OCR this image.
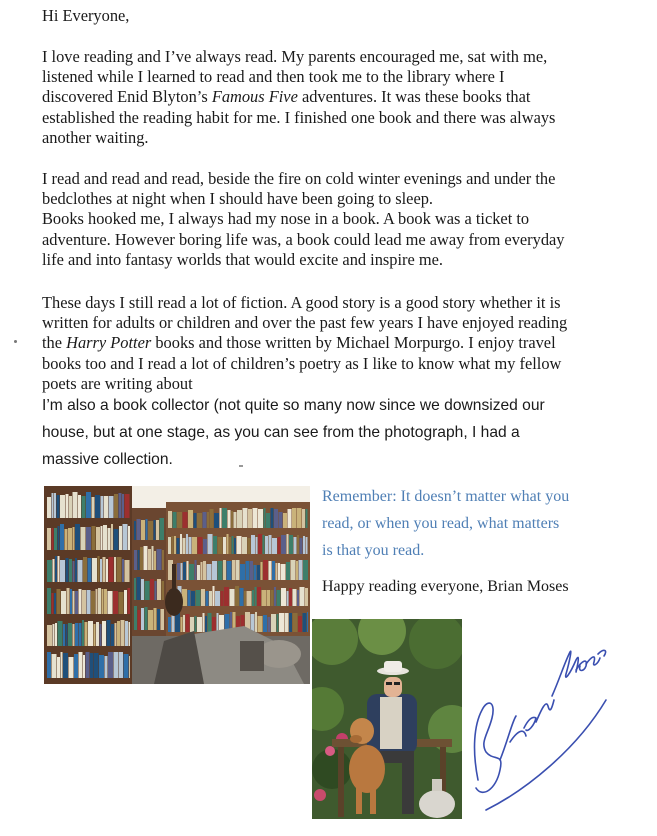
Hi Everyone,
I love reading and I’ve always read. My parents encouraged me, sat with me,
listened while I learned to read and then took me to the library where I
discovered Enid Blyton’s Famous Five adventures. It was these books that
established the reading habit for me. I finished one book and there was always
another waiting.
I read and read and read, beside the fire on cold winter evenings and under the
bedclothes at night when I should have been going to sleep.
Books hooked me, I always had my nose in a book. A book was a ticket to
adventure. However boring life was, a book could lead me away from everyday
life and into fantasy worlds that would excite and inspire me.
These days I still read a lot of fiction. A good story is a good story whether it is
written for adults or children and over the past few years I have enjoyed reading
the Harry Potter books and those written by Michael Morpurgo. I enjoy travel
books too and I read a lot of children’s poetry as I like to know what my fellow
poets are writing about
I’m also a book collector (not quite so many now since we downsized our
house, but at one stage, as you can see from the photograph, I had a
massive collection.
Remember: It doesn’t matter what you
read, or when you read, what matters
is that you read.
Happy reading everyone, Brian Moses
